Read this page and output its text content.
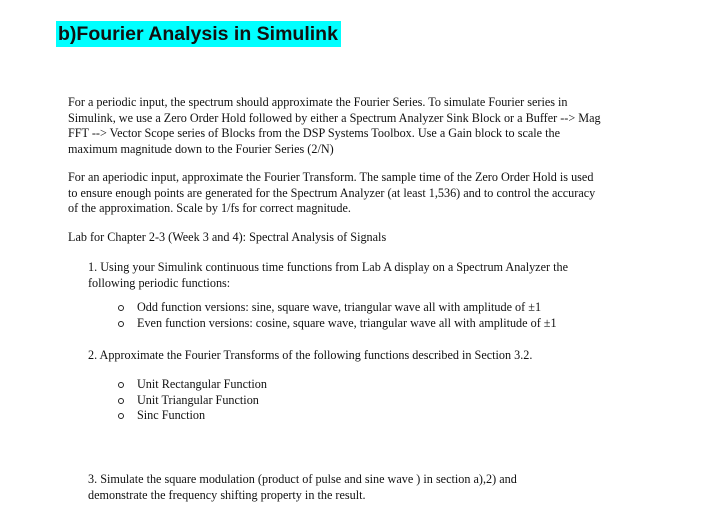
b)Fourier Analysis in Simulink

For a periodic input, the spectrum should approximate the Fourier Series. To simulate Fourier series in
Simulink, we use a Zero Order Hold followed by either a Spectrum Analyzer Sink Block or a Buffer --> Mag
FFT --> Vector Scope series of Blocks from the DSP Systems Toolbox. Use a Gain block to scale the
maximum magnitude down to the Fourier Series (2/N)

For an aperiodic input, approximate the Fourier Transform. The sample time of the Zero Order Hold is used
to ensure enough points are generated for the Spectrum Analyzer (at least 1,536) and to control the accuracy
of the approximation. Scale by 1/fs for correct magnitude.

Lab for Chapter 2-3 (Week 3 and 4): Spectral Analysis of Signals

1. Using your Simulink continuous time functions from Lab A display on a Spectrum Analyzer the
following periodic functions:

Odd function versions: sine, square wave, triangular wave all with amplitude of ±1
Even function versions: cosine, square wave, triangular wave all with amplitude of ±1

2. Approximate the Fourier Transforms of the following functions described in Section 3.2.

Unit Rectangular Function
Unit Triangular Function
Sinc Function

3. Simulate the square modulation (product of pulse and sine wave ) in section a),2) and
demonstrate the frequency shifting property in the result.
